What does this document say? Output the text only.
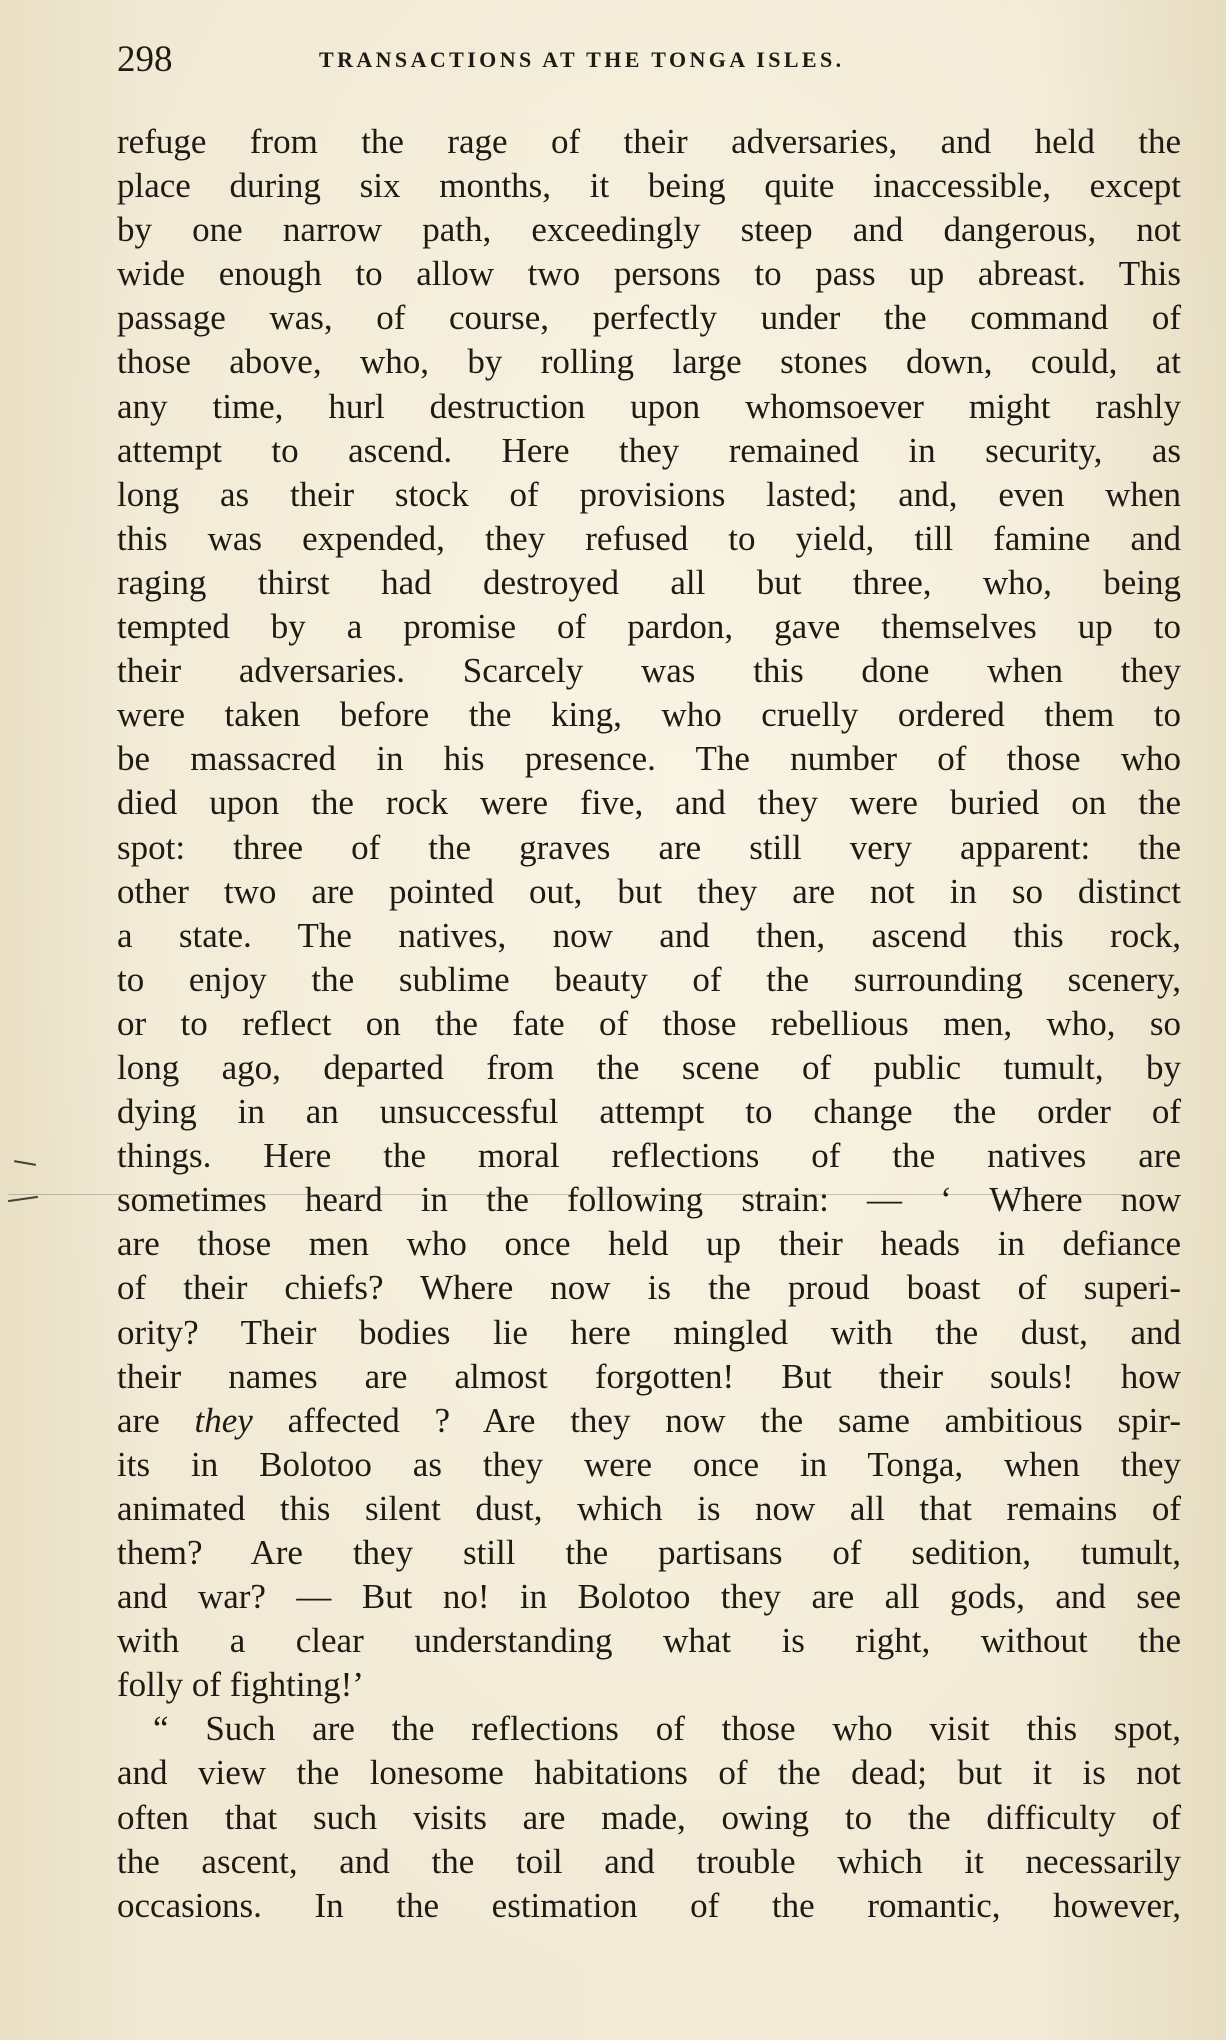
298	TRANSACTIONS AT THE TONGA ISLES.
refuge from the rage of their adversaries, and held the
place during six months, it being quite inaccessible, except
by one narrow path, exceedingly steep and dangerous, not
wide enough to allow two persons to pass up abreast. This
passage was, of course, perfectly under the command of
those above, who, by rolling large stones down, could, at
any time, hurl destruction upon whomsoever might rashly
attempt to ascend. Here they remained in security, as
long as their stock of provisions lasted; and, even when
this was expended, they refused to yield, till famine and
raging thirst had destroyed all but three, who, being
tempted by a promise of pardon, gave themselves up to
their adversaries. Scarcely was this done when they
were taken before the king, who cruelly ordered them to
be massacred in his presence. The number of those who
died upon the rock were five, and they were buried on the
spot: three of the graves are still very apparent: the
other two are pointed out, but they are not in so distinct
a state. The natives, now and then, ascend this rock,
to enjoy the sublime beauty of the surrounding scenery,
or to reflect on the fate of those rebellious men, who, so
long ago, departed from the scene of public tumult, by
dying in an unsuccessful attempt to change the order of
things. Here the moral reflections of the natives are
sometimes heard in the following strain: — ‘ Where now
are those men who once held up their heads in defiance
of their chiefs? Where now is the proud boast of superi-
ority? Their bodies lie here mingled with the dust, and
their names are almost forgotten! But their souls! how
are they affected ? Are they now the same ambitious spir-
its in Bolotoo as they were once in Tonga, when they
animated this silent dust, which is now all that remains of
them? Are they still the partisans of sedition, tumult,
and war? — But no! in Bolotoo they are all gods, and see
with a clear understanding what is right, without the
folly of fighting!’
“ Such are the reflections of those who visit this spot,
and view the lonesome habitations of the dead; but it is not
often that such visits are made, owing to the difficulty of
the ascent, and the toil and trouble which it necessarily
occasions. In the estimation of the romantic, however,
